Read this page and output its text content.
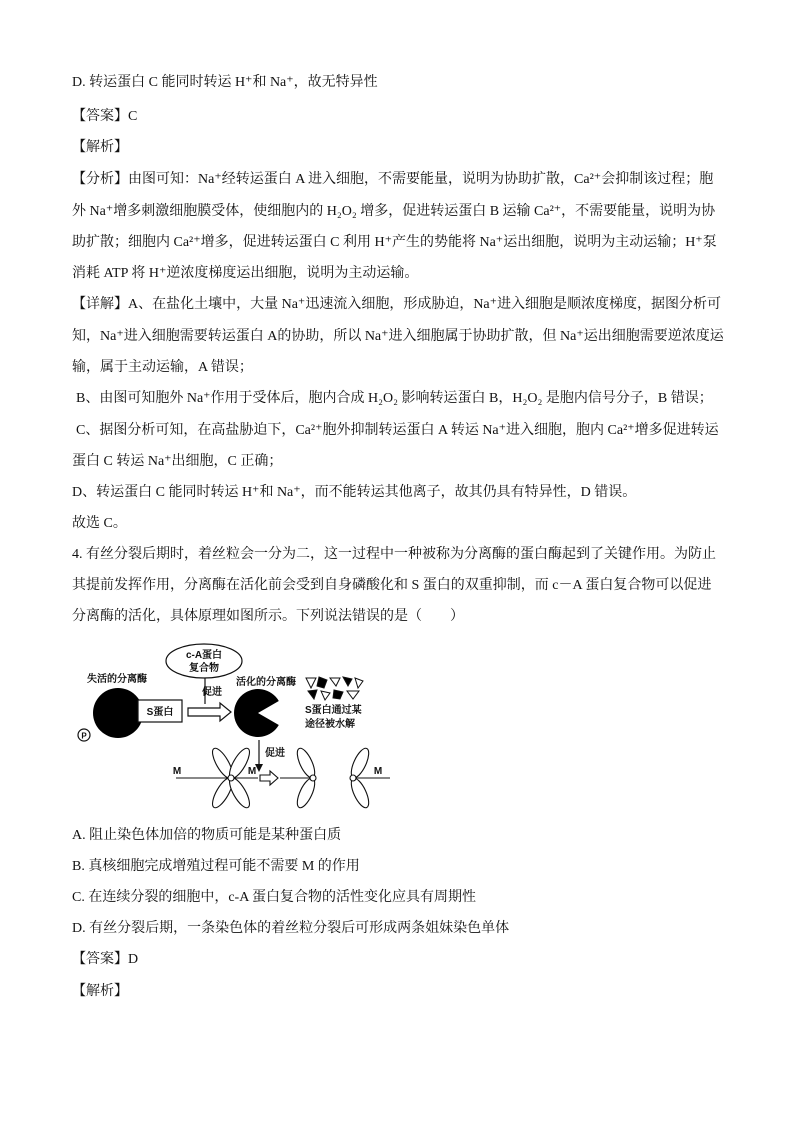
D. 转运蛋白 C 能同时转运 H⁺和 Na⁺，故无特异性
【答案】C
【解析】
【分析】由图可知：Na⁺经转运蛋白 A 进入细胞，不需要能量，说明为协助扩散，Ca²⁺会抑制该过程；胞
外 Na⁺增多刺激细胞膜受体，使细胞内的 H₂O₂ 增多，促进转运蛋白 B 运输 Ca²⁺，不需要能量，说明为协
助扩散；细胞内 Ca²⁺增多，促进转运蛋白 C 利用 H⁺产生的势能将 Na⁺运出细胞，说明为主动运输；H⁺泵
消耗 ATP 将 H⁺逆浓度梯度运出细胞，说明为主动运输。
【详解】A、在盐化土壤中，大量 Na⁺迅速流入细胞，形成胁迫，Na⁺进入细胞是顺浓度梯度，据图分析可
知，Na⁺进入细胞需要转运蛋白 A的协助，所以 Na⁺进入细胞属于协助扩散，但 Na⁺运出细胞需要逆浓度运
输，属于主动运输，A 错误；
B、由图可知胞外 Na⁺作用于受体后，胞内合成 H₂O₂ 影响转运蛋白 B，H₂O₂ 是胞内信号分子，B 错误；
C、据图分析可知，在高盐胁迫下，Ca²⁺胞外抑制转运蛋白 A 转运 Na⁺进入细胞，胞内 Ca²⁺增多促进转运
蛋白 C 转运 Na⁺出细胞，C 正确；
D、转运蛋白 C 能同时转运 H⁺和 Na⁺，而不能转运其他离子，故其仍具有特异性，D 错误。
故选 C。
4. 有丝分裂后期时，着丝粒会一分为二，这一过程中一种被称为分离酶的蛋白酶起到了关键作用。为防止
其提前发挥作用，分离酶在活化前会受到自身磷酸化和 S 蛋白的双重抑制，而 c－A 蛋白复合物可以促进
分离酶的活化，具体原理如图所示。下列说法错误的是（　　）
c-A蛋白
复合物
促进
失活的分离酶	活化的分离酶
S蛋白
P
S蛋白通过某
途径被水解
促进
M	M	M
A. 阻止染色体加倍的物质可能是某种蛋白质
B. 真核细胞完成增殖过程可能不需要 M 的作用
C. 在连续分裂的细胞中，c-A 蛋白复合物的活性变化应具有周期性
D. 有丝分裂后期，一条染色体的着丝粒分裂后可形成两条姐妹染色单体
【答案】D
【解析】
